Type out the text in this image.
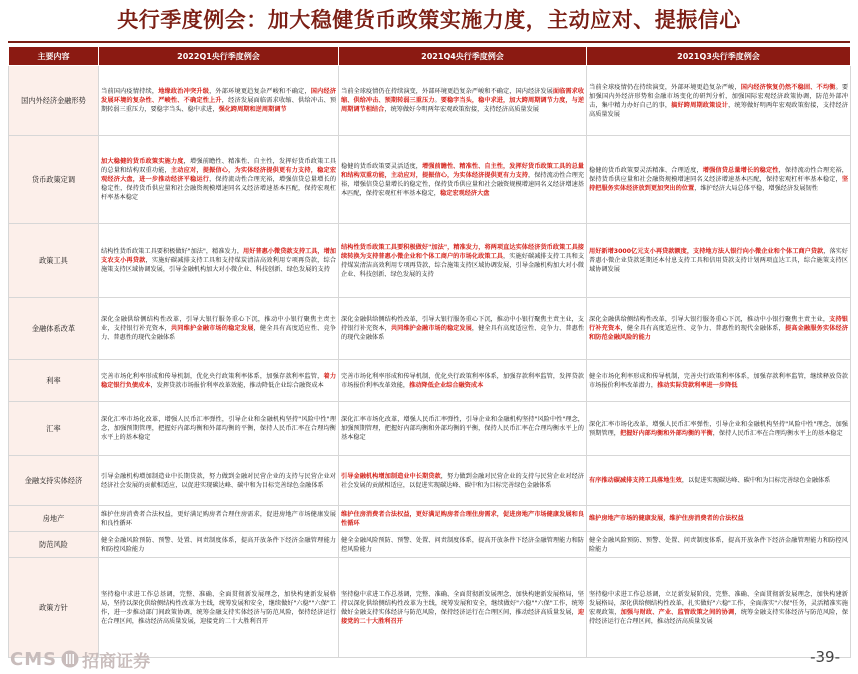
央行季度例会：加大稳健货币政策实施力度，主动应对、提振信心
主要内容	2022Q1央行季度例会	2021Q4央行季度例会	2021Q3央行季度例会
国内外经济金融形势	当前国内疫情持续，地缘政治冲突升级，外部环境更趋复杂严峻和不确定，国内经济发展环境的复杂性、严峻性、不确定性上升，经济发展面临需求收缩、供给冲击、预期转弱三重压力，要稳字当头、稳中求进，强化跨周期和逆周期调节	当前全球疫情仍在持续演变，外部环境更趋复杂严峻和不确定，国内经济发展面临需求收缩、供给冲击、预期转弱三重压力。要稳字当头，稳中求进，加大跨周期调节力度，与逆周期调节相结合，统筹做好今明两年宏观政策衔接，支持经济高质量发展	当前全球疫情仍在持续演变，外部环境更趋复杂严峻，国内经济恢复仍然不稳固、不均衡。要加强国内外经济形势和金融市场变化的研判分析，加强国际宏观经济政策协调，防范外部冲击，集中精力办好自己的事，搞好跨周期政策设计，统筹做好明两年宏观政策衔接，支持经济高质量发展
货币政策定调	加大稳健的货币政策实施力度，增强前瞻性、精准性、自主性，发挥好货币政策工具的总量和结构双重功能，主动应对，提振信心，为实体经济提供更有力支持，稳定宏观经济大盘，进一步推动经济平稳运行，保持流动性合理充裕，增强信贷总量增长的稳定性，保持货币供应量和社会融资规模增速同名义经济增速基本匹配，保持宏观杠杆率基本稳定	稳健的货币政策要灵活适度，增强前瞻性、精准性、自主性，发挥好货币政策工具的总量和结构双重功能，主动应对，提振信心，为实体经济提供更有力支持，保持流动性合理充裕，增强信贷总量增长的稳定性，保持货币供应量和社会融资规模增速同名义经济增速基本匹配，保持宏观杠杆率基本稳定，稳定宏观经济大盘	稳健的货币政策要灵活精准、合理适度，增强信贷总量增长的稳定性，保持流动性合理充裕，保持货币供应量和社会融资规模增速同名义经济增速基本匹配，保持宏观杠杆率基本稳定，坚持把服务实体经济放到更加突出的位置，维护经济大局总体平稳，增强经济发展韧性
政策工具	结构性货币政策工具要积极做好"加法"，精准发力，用好普惠小微贷款支持工具，增加支农支小再贷款，实施好碳减排支持工具和支持煤炭清洁高效利用专项再贷款，综合施策支持区域协调发展，引导金融机构加大对小微企业、科技创新、绿色发展的支持	结构性货币政策工具要积极做好"加法"，精准发力，将两项直达实体经济货币政策工具接续转换为支持普惠小微企业和个体工商户的市场化政策工具，实施好碳减排支持工具和支持煤炭清洁高效利用专项再贷款，综合施策支持区域协调发展，引导金融机构加大对小微企业、科技创新、绿色发展的支持	用好新增3000亿元支小再贷款额度，支持地方法人银行向小微企业和个体工商户贷款，落实好普惠小微企业贷款延期还本付息支持工具和信用贷款支持计划两项直达工具，综合施策支持区域协调发展
金融体系改革	深化金融供给侧结构性改革，引导大银行服务重心下沉，推动中小银行聚焦主责主业，支持银行补充资本，共同维护金融市场的稳定发展，健全具有高度适应性、竞争力、普惠性的现代金融体系	深化金融供给侧结构性改革，引导大银行服务重心下沉，推动中小银行聚焦主责主业，支持银行补充资本，共同维护金融市场的稳定发展，健全具有高度适应性、竞争力、普惠性的现代金融体系	深化金融供给侧结构性改革，引导大银行服务重心下沉，推动中小银行聚焦主责主业，支持银行补充资本，健全具有高度适应性、竞争力、普惠性的现代金融体系，提高金融服务实体经济和防范金融风险的能力
利率	完善市场化利率形成和传导机制，优化央行政策利率体系，加强存款利率监管，着力稳定银行负债成本，发挥贷款市场报价利率改革效能，推动降低企业综合融资成本	完善市场化利率形成和传导机制，优化央行政策利率体系，加强存款利率监管，发挥贷款市场报价利率改革效能，推动降低企业综合融资成本	健全市场化利率形成和传导机制，完善央行政策利率体系，加强存款利率监管，继续释放贷款市场报价利率改革潜力，推动实际贷款利率进一步降低
汇率	深化汇率市场化改革，增强人民币汇率弹性，引导企业和金融机构坚持"风险中性"理念，加强预期管理，把握好内部均衡和外部均衡的平衡，保持人民币汇率在合理均衡水平上的基本稳定	深化汇率市场化改革，增强人民币汇率弹性，引导企业和金融机构坚持"风险中性"理念，加强预期管理，把握好内部均衡和外部均衡的平衡，保持人民币汇率在合理均衡水平上的基本稳定	深化汇率市场化改革，增强人民币汇率弹性，引导企业和金融机构坚持"风险中性"理念，加强预期管理，把握好内部均衡和外部均衡的平衡，保持人民币汇率在合理均衡水平上的基本稳定
金融支持实体经济	引导金融机构增加制造业中长期贷款，努力做到金融对民营企业的支持与民营企业对经济社会发展的贡献相适应，以促进实现碳达峰、碳中和为目标完善绿色金融体系	引导金融机构增加制造业中长期贷款，努力做到金融对民营企业的支持与民营企业对经济社会发展的贡献相适应，以促进实现碳达峰、碳中和为目标完善绿色金融体系	有序推动碳减排支持工具落地生效，以促进实现碳达峰、碳中和为目标完善绿色金融体系
房地产	维护住房消费者合法权益，更好满足购房者合理住房需求，促进房地产市场健康发展和良性循环	维护住房消费者合法权益，更好满足购房者合理住房需求，促进房地产市场健康发展和良性循环	维护房地产市场的健康发展，维护住房消费者的合法权益
防范风险	健全金融风险预防、预警、处置、问责制度体系，提高开放条件下经济金融管理能力和防控风险能力	健全金融风险预防、预警、处置、问责制度体系，提高开放条件下经济金融管理能力和防控风险能力	健全金融风险预防、预警、处置、问责制度体系，提高开放条件下经济金融管理能力和防控风险能力
政策方针	坚持稳中求进工作总基调，完整、准确、全面贯彻新发展理念，加快构建新发展格局，坚持以深化供给侧结构性改革为主线，统筹发展和安全，继续做好"六稳""六保"工作，进一步推动部门间政策协调，统筹金融支持实体经济与防范风险，保持经济运行在合理区间，推动经济高质量发展，迎接党的二十大胜利召开	坚持稳中求进工作总基调，完整、准确、全面贯彻新发展理念，加快构建新发展格局，坚持以深化供给侧结构性改革为主线，统筹发展和安全，继续做好"六稳""六保"工作，统筹做好金融支持实体经济与防范风险，保持经济运行在合理区间，推动经济高质量发展，迎接党的二十大胜利召开	坚持稳中求进工作总基调，立足新发展阶段，完整、准确、全面贯彻新发展理念，加快构建新发展格局，深化供给侧结构性改革，扎实做好"六稳"工作，全面落实"六保"任务，灵活精准实施宏观政策，加强与财政、产业、监管政策之间的协调，统筹金融支持实体经济与防范风险，保持经济运行在合理区间，推动经济高质量发展
CMS 招商证券	-39-
